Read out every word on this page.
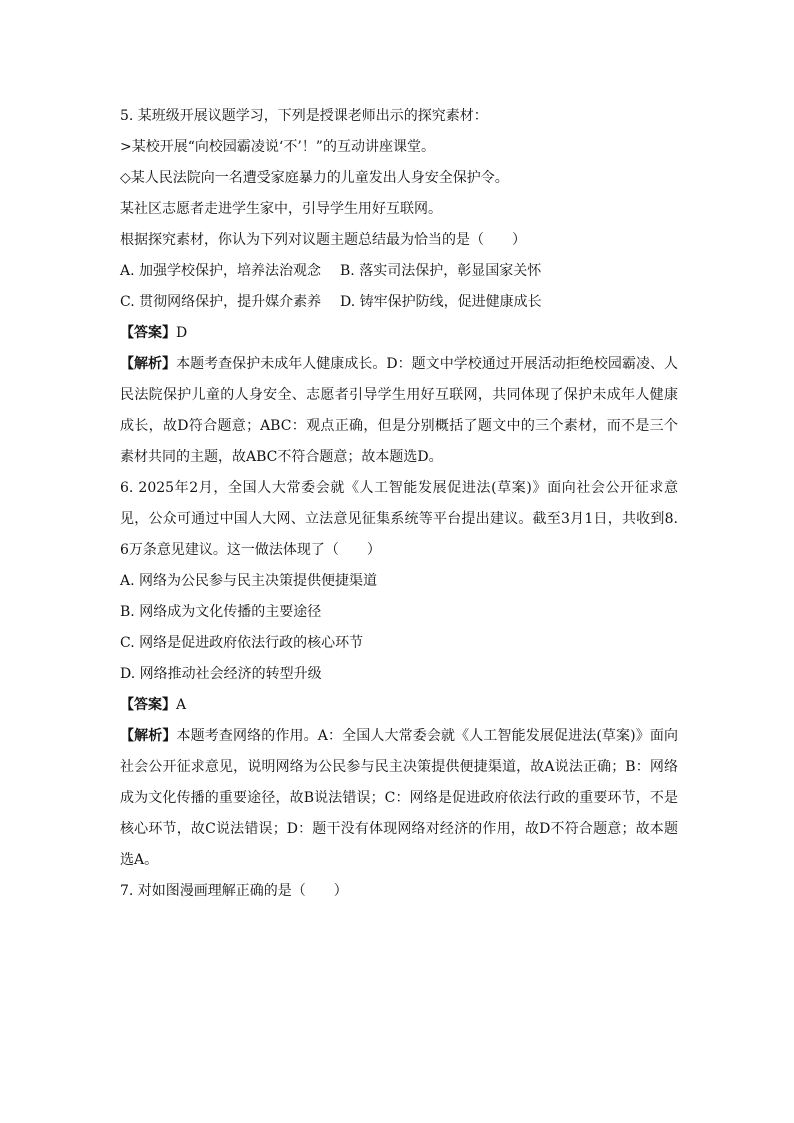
5. 某班级开展议题学习，下列是授课老师出示的探究素材：
>某校开展“向校园霸凌说‘不’！”的互动讲座课堂。
◇某人民法院向一名遭受家庭暴力的儿童发出人身安全保护令。
某社区志愿者走进学生家中，引导学生用好互联网。
根据探究素材，你认为下列对议题主题总结最为恰当的是（　　）
A. 加强学校保护，培养法治观念	B. 落实司法保护，彰显国家关怀
C. 贯彻网络保护，提升媒介素养	D. 铸牢保护防线，促进健康成长
【答案】D
【解析】本题考查保护未成年人健康成长。D：题文中学校通过开展活动拒绝校园霸凌、人民法院保护儿童的人身安全、志愿者引导学生用好互联网，共同体现了保护未成年人健康成长，故D符合题意；ABC：观点正确，但是分别概括了题文中的三个素材，而不是三个素材共同的主题，故ABC不符合题意；故本题选D。
6. 2025年2月，全国人大常委会就《人工智能发展促进法(草案)》面向社会公开征求意见，公众可通过中国人大网、立法意见征集系统等平台提出建议。截至3月1日，共收到8.6万条意见建议。这一做法体现了（　　）
A. 网络为公民参与民主决策提供便捷渠道
B. 网络成为文化传播的主要途径
C. 网络是促进政府依法行政的核心环节
D. 网络推动社会经济的转型升级
【答案】A
【解析】本题考查网络的作用。A：全国人大常委会就《人工智能发展促进法(草案)》面向社会公开征求意见，说明网络为公民参与民主决策提供便捷渠道，故A说法正确；B：网络成为文化传播的重要途径，故B说法错误；C：网络是促进政府依法行政的重要环节，不是核心环节，故C说法错误；D：题干没有体现网络对经济的作用，故D不符合题意；故本题选A。
7. 对如图漫画理解正确的是（　　）
